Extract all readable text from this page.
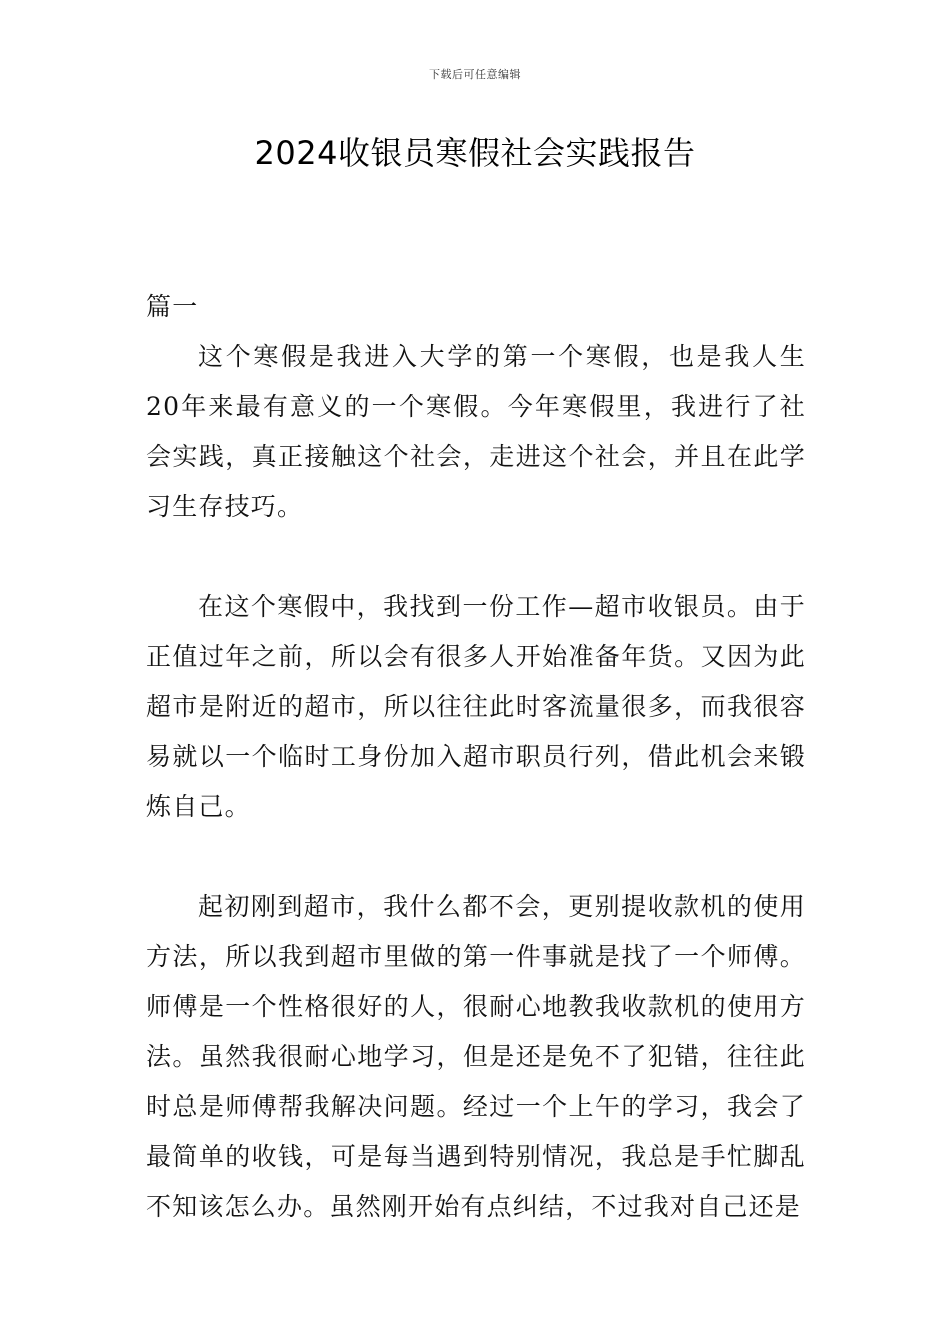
下载后可任意编辑
2024收银员寒假社会实践报告

篇一

这个寒假是我进入大学的第一个寒假，也是我人生20年来最有意义的一个寒假。今年寒假里，我进行了社会实践，真正接触这个社会，走进这个社会，并且在此学习生存技巧。

在这个寒假中，我找到一份工作—超市收银员。由于正值过年之前，所以会有很多人开始准备年货。又因为此超市是附近的超市，所以往往此时客流量很多，而我很容易就以一个临时工身份加入超市职员行列，借此机会来锻炼自己。

起初刚到超市，我什么都不会，更别提收款机的使用方法，所以我到超市里做的第一件事就是找了一个师傅。师傅是一个性格很好的人，很耐心地教我收款机的使用方法。虽然我很耐心地学习，但是还是免不了犯错，往往此时总是师傅帮我解决问题。经过一个上午的学习，我会了最简单的收钱，可是每当遇到特别情况，我总是手忙脚乱不知该怎么办。虽然刚开始有点纠结，不过我对自己还是
